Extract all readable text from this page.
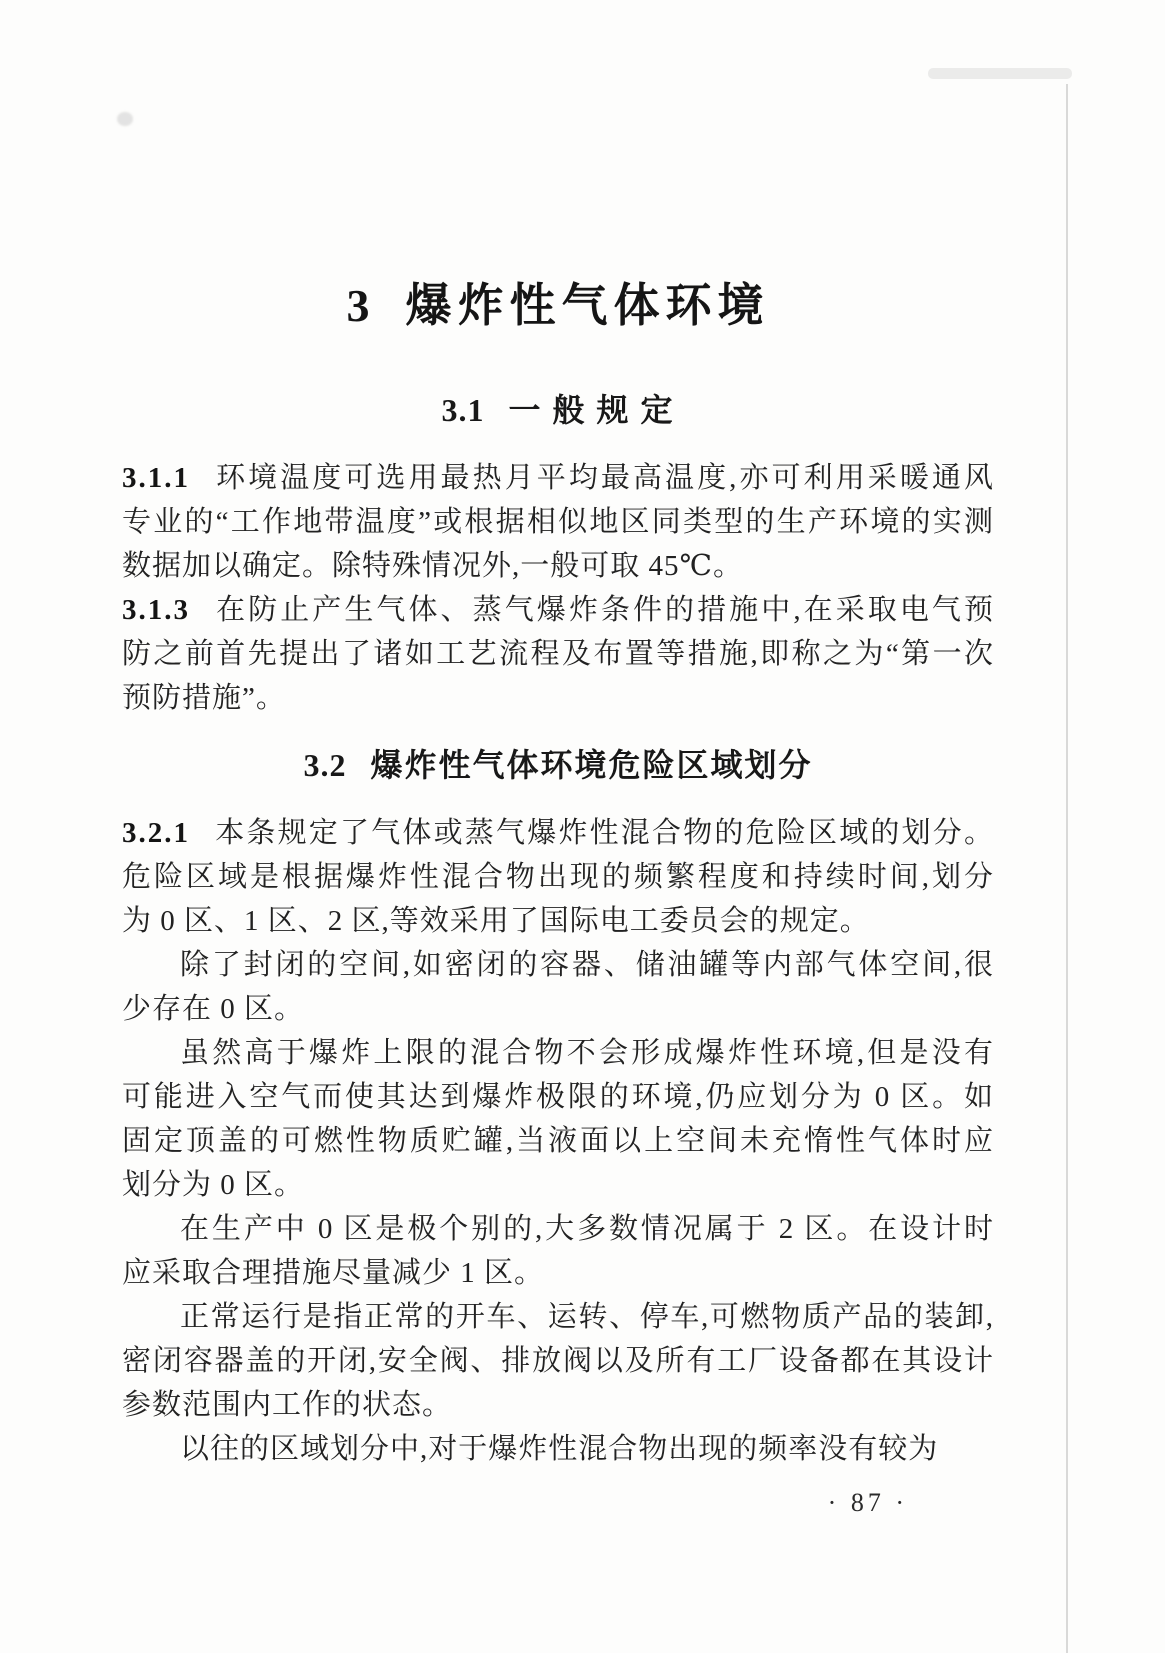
3 爆炸性气体环境
3.1 一 般 规 定
3.1.1 环境温度可选用最热月平均最高温度,亦可利用采暖通风
专业的“工作地带温度”或根据相似地区同类型的生产环境的实测
数据加以确定。除特殊情况外,一般可取 45℃。
3.1.3 在防止产生气体、蒸气爆炸条件的措施中,在采取电气预
防之前首先提出了诸如工艺流程及布置等措施,即称之为“第一次
预防措施”。
3.2 爆炸性气体环境危险区域划分
3.2.1 本条规定了气体或蒸气爆炸性混合物的危险区域的划分。
危险区域是根据爆炸性混合物出现的频繁程度和持续时间,划分
为 0 区、1 区、2 区,等效采用了国际电工委员会的规定。
除了封闭的空间,如密闭的容器、储油罐等内部气体空间,很
少存在 0 区。
虽然高于爆炸上限的混合物不会形成爆炸性环境,但是没有
可能进入空气而使其达到爆炸极限的环境,仍应划分为 0 区。如
固定顶盖的可燃性物质贮罐,当液面以上空间未充惰性气体时应
划分为 0 区。
在生产中 0 区是极个别的,大多数情况属于 2 区。在设计时
应采取合理措施尽量减少 1 区。
正常运行是指正常的开车、运转、停车,可燃物质产品的装卸,
密闭容器盖的开闭,安全阀、排放阀以及所有工厂设备都在其设计
参数范围内工作的状态。
以往的区域划分中,对于爆炸性混合物出现的频率没有较为
· 87 ·
